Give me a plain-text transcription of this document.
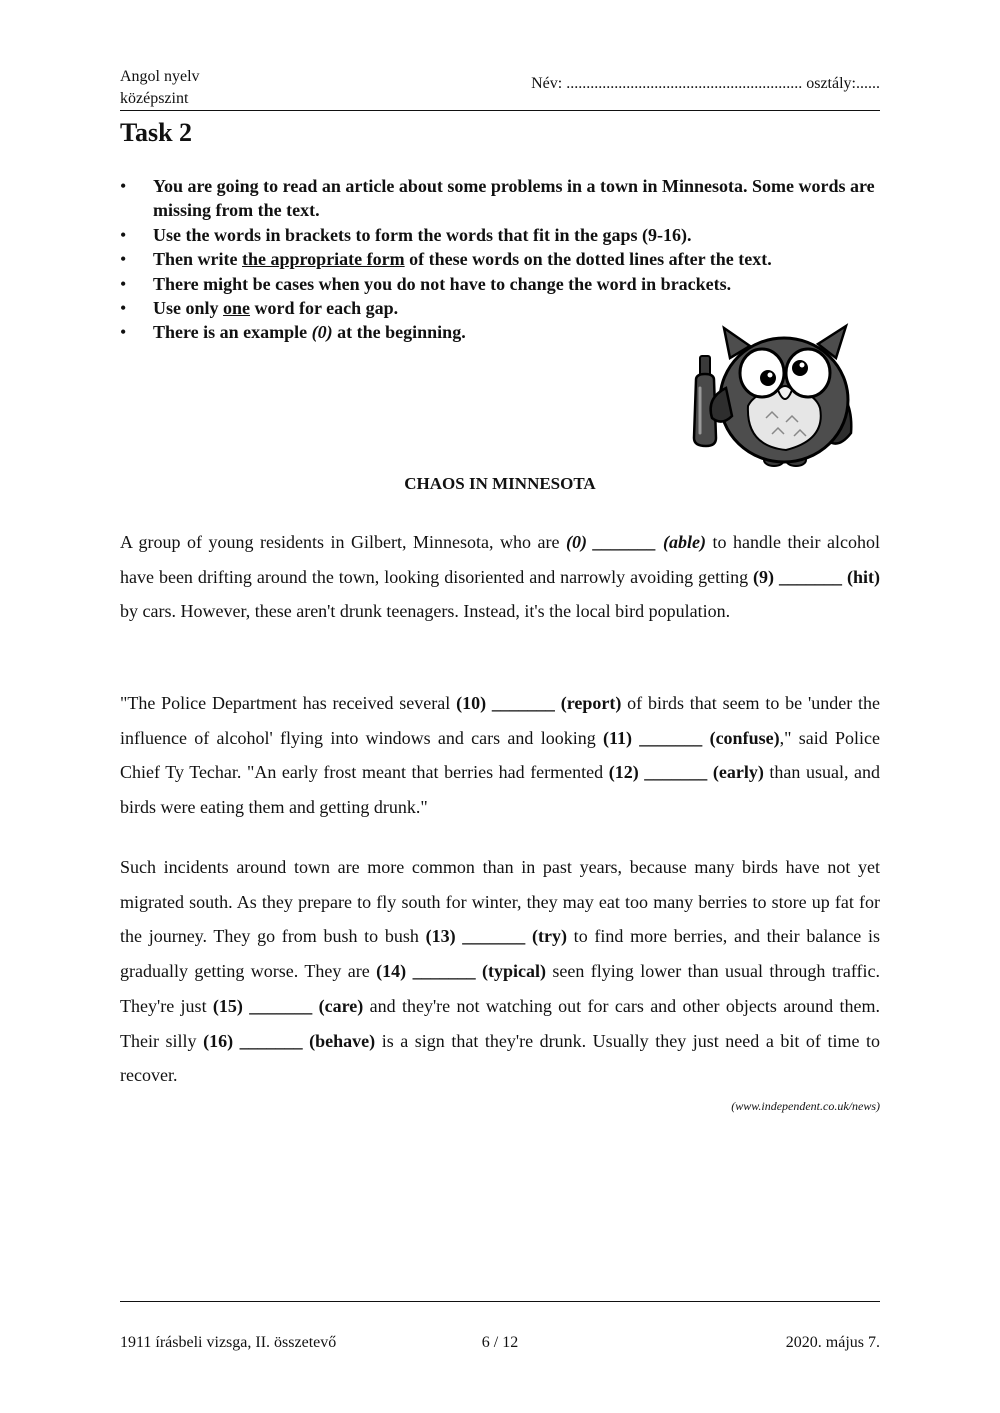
Angol nyelv
középszint
Név: ........................................................... osztály:......
Task 2
• You are going to read an article about some problems in a town in Minnesota. Some words are missing from the text.
• Use the words in brackets to form the words that fit in the gaps (9-16).
• Then write the appropriate form of these words on the dotted lines after the text.
• There might be cases when you do not have to change the word in brackets.
• Use only one word for each gap.
• There is an example (0) at the beginning.
CHAOS IN MINNESOTA

A group of young residents in Gilbert, Minnesota, who are (0) _______ (able) to handle their alcohol have been drifting around the town, looking disoriented and narrowly avoiding getting (9) _______ (hit) by cars. However, these aren't drunk teenagers. Instead, it's the local bird population.

"The Police Department has received several (10) _______ (report) of birds that seem to be 'under the influence of alcohol' flying into windows and cars and looking (11) _______ (confuse)," said Police Chief Ty Techar. "An early frost meant that berries had fermented (12) _______ (early) than usual, and birds were eating them and getting drunk."

Such incidents around town are more common than in past years, because many birds have not yet migrated south. As they prepare to fly south for winter, they may eat too many berries to store up fat for the journey. They go from bush to bush (13) _______ (try) to find more berries, and their balance is gradually getting worse. They are (14) _______ (typical) seen flying lower than usual through traffic. They're just (15) _______ (care) and they're not watching out for cars and other objects around them. Their silly (16) _______ (behave) is a sign that they're drunk. Usually they just need a bit of time to recover.

(www.independent.co.uk/news)
1911 írásbeli vizsga, II. összetevő	6 / 12	2020. május 7.
